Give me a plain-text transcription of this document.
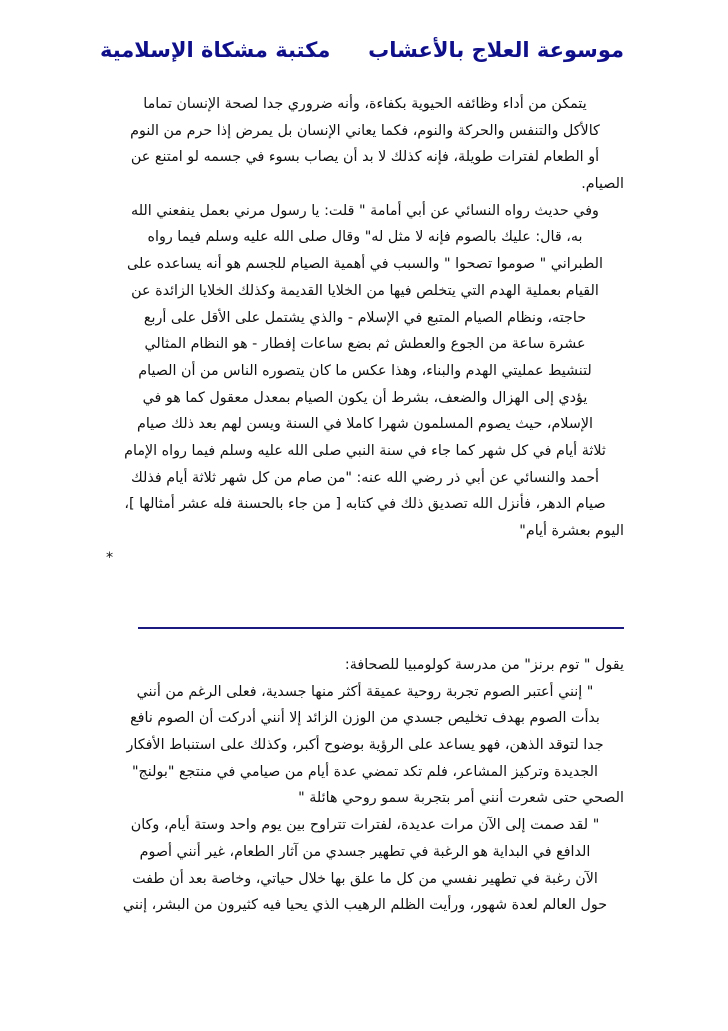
موسوعة العلاج بالأعشاب
مكتبة مشكاة الإسلامية
يتمكن من أداء وظائفه الحيوية بكفاءة، وأنه ضروري جدا لصحة الإنسان تماما
كالأكل والتنفس والحركة والنوم، فكما يعاني الإنسان بل يمرض إذا حرم من النوم
أو الطعام لفترات طويلة، فإنه كذلك لا بد أن يصاب بسوء في جسمه لو امتنع عن
الصيام.
وفي حديث رواه النسائي عن أبي أمامة " قلت: يا رسول مرني بعمل ينفعني الله
به، قال: عليك بالصوم فإنه لا مثل له" وقال صلى الله عليه وسلم فيما رواه
الطبراني " صوموا تصحوا " والسبب في أهمية الصيام للجسم هو أنه يساعده على
القيام بعملية الهدم التي يتخلص فيها من الخلايا القديمة وكذلك الخلايا الزائدة عن
حاجته، ونظام الصيام المتبع في الإسلام - والذي يشتمل على الأقل على أربع
عشرة ساعة من الجوع والعطش ثم بضع ساعات إفطار - هو النظام المثالي
لتنشيط عمليتي الهدم والبناء، وهذا عكس ما كان يتصوره الناس من أن الصيام
يؤدي إلى الهزال والضعف، بشرط أن يكون الصيام بمعدل معقول كما هو في
الإسلام، حيث يصوم المسلمون شهرا كاملا في السنة ويسن لهم بعد ذلك صيام
ثلاثة أيام في كل شهر كما جاء في سنة النبي صلى الله عليه وسلم فيما رواه الإمام
أحمد والنسائي عن أبي ذر رضي الله عنه: "من صام من كل شهر ثلاثة أيام فذلك
صيام الدهر، فأنزل الله تصديق ذلك في كتابه [ من جاء بالحسنة فله عشر أمثالها ]،
اليوم بعشرة أيام"
*
يقول " توم برنز" من مدرسة كولومبيا للصحافة:
" إنني أعتبر الصوم تجربة روحية عميقة أكثر منها جسدية، فعلى الرغم من أنني
بدأت الصوم بهدف تخليص جسدي من الوزن الزائد إلا أنني أدركت أن الصوم نافع
جدا لتوقد الذهن، فهو يساعد على الرؤية بوضوح أكبر، وكذلك على استنباط الأفكار
الجديدة وتركيز المشاعر، فلم تكد تمضي عدة أيام من صيامي في منتجع "بولنج"
الصحي حتى شعرت أنني أمر بتجربة سمو روحي هائلة "
" لقد صمت إلى الآن مرات عديدة، لفترات تتراوح بين يوم واحد وستة أيام، وكان
الدافع في البداية هو الرغبة في تطهير جسدي من آثار الطعام، غير أنني أصوم
الآن رغبة في تطهير نفسي من كل ما علق بها خلال حياتي، وخاصة بعد أن طفت
حول العالم لعدة شهور، ورأيت الظلم الرهيب الذي يحيا فيه كثيرون من البشر، إنني
